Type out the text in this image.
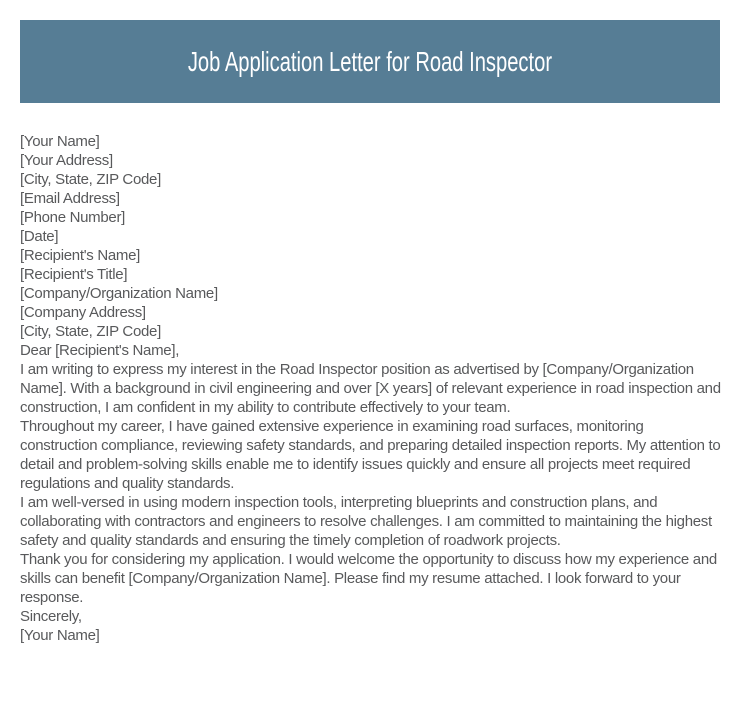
Job Application Letter for Road Inspector
[Your Name]
[Your Address]
[City, State, ZIP Code]
[Email Address]
[Phone Number]
[Date]
[Recipient's Name]
[Recipient's Title]
[Company/Organization Name]
[Company Address]
[City, State, ZIP Code]

Dear [Recipient's Name],

I am writing to express my interest in the Road Inspector position as advertised by [Company/Organization Name]. With a background in civil engineering and over [X years] of relevant experience in road inspection and construction, I am confident in my ability to contribute effectively to your team.
Throughout my career, I have gained extensive experience in examining road surfaces, monitoring construction compliance, reviewing safety standards, and preparing detailed inspection reports. My attention to detail and problem-solving skills enable me to identify issues quickly and ensure all projects meet required regulations and quality standards.
I am well-versed in using modern inspection tools, interpreting blueprints and construction plans, and collaborating with contractors and engineers to resolve challenges. I am committed to maintaining the highest safety and quality standards and ensuring the timely completion of roadwork projects.
Thank you for considering my application. I would welcome the opportunity to discuss how my experience and skills can benefit [Company/Organization Name]. Please find my resume attached. I look forward to your response.

Sincerely,

[Your Name]
